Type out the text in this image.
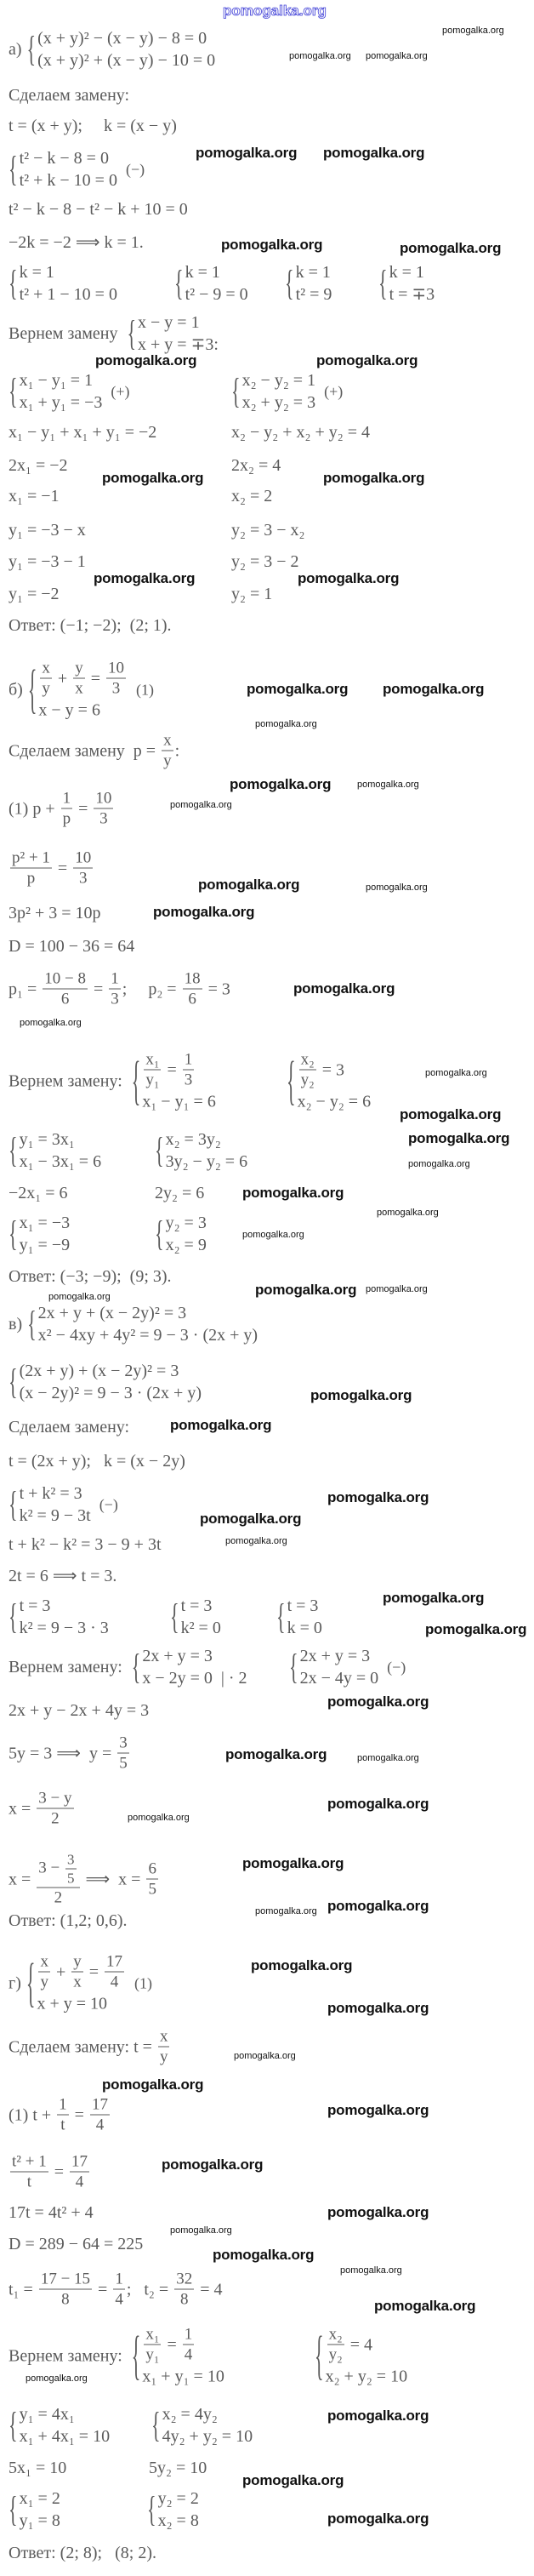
pomogalka.org
а) { (x + y)² − (x − y) − 8 = 0
(x + y)² + (x − y) − 10 = 0
Сделаем замену:
t = (x + y);     k = (x − y)
{ t² − k − 8 = 0
t² + k − 10 = 0
(−)
t² − k − 8 − t² − k + 10 = 0
−2k = −2 ⟹ k = 1.
{ k = 1
t² + 1 − 10 = 0	{ k = 1
t² − 9 = 0 { k = 1
t² = 9 { k = 1
t = ∓3
Вернем замену { x − y = 1
x + y = ∓3:
{ x₁ − y₁ = 1
x₁ + y₁ = −3
(+)	{ x₂ − y₂ = 1
x₂ + y₂ = 3
(+)
x₁ − y₁ + x₁ + y₁ = −2	x₂ − y₂ + x₂ + y₂ = 4
2x₁ = −2	2x₂ = 4
x₁ = −1	x₂ = 2
y₁ = −3 − x	y₂ = 3 − x₂
y₁ = −3 − 1	y₂ = 3 − 2
y₁ = −2	y₂ = 1
Ответ: (−1; −2);  (2; 1).
б) { $\frac{x}{y} + \frac{y}{x} = \frac{10}{3}$
x − y = 6
(1)
Сделаем замену  $p = \frac{x}{y}$ :
(1) $p + \frac{1}{p} = \frac{10}{3}$
$\frac{\text{p² + 1}}{p} = \frac{10}{3}$
3p² + 3 = 10p
D = 100 − 36 = 64
$p_1 = \frac{10 - 8}{6} = \frac{1}{3}$ ;     $p_2 = \frac{18}{6} = 3$
Вернем замену: { $\frac{\text{x₁}}{\text{y₁}} = \frac{1}{3}$
x₁ − y₁ = 6	{ $\frac{\text{x₂}}{\text{y₂}} = 3$
x₂ − y₂ = 6
{ y₁ = 3x₁
x₁ − 3x₁ = 6	{ x₂ = 3y₂
3y₂ − y₂ = 6
−2x₁ = 6	2y₂ = 6
{ x₁ = −3
y₁ = −9	{ y₂ = 3
x₂ = 9
Ответ: (−3; −9);  (9; 3).
в) { 2x + y + (x − 2y)² = 3
x² − 4xy + 4y² = 9 − 3 · (2x + y)
{ (2x + y) + (x − 2y)² = 3
(x − 2y)² = 9 − 3 · (2x + y)
Сделаем замену:
t = (2x + y);   k = (x − 2y)
{ t + k² = 3
k² = 9 − 3t
(−)
t + k² − k² = 3 − 9 + 3t
2t = 6 ⟹ t = 3.
{ t = 3
k² = 9 − 3 · 3	{ t = 3
k² = 0	{ t = 3
k = 0
Вернем замену: { 2x + y = 3
x − 2y = 0  | · 2 { 2x + y = 3
2x − 4y = 0
(−)
2x + y − 2x + 4y = 3
5y = 3 ⟹  $y = \frac{3}{5}$
$x = \frac{3 - y}{2}$
$x = \frac{3 - \frac{3}{5}}{2}$ ⟹  $x = \frac{6}{5}$
Ответ: (1,2; 0,6).
г) { $\frac{x}{y} + \frac{y}{x} = \frac{17}{4}$
x + y = 10
(1)
Сделаем замену: $t = \frac{x}{y}$
(1) $t + \frac{1}{t} = \frac{17}{4}$
$\frac{\text{t² + 1}}{t} = \frac{17}{4}$
17t = 4t² + 4
D = 289 − 64 = 225
$t_1 = \frac{17 - 15}{8} = \frac{1}{4}$ ;   $t_2 = \frac{32}{8} = 4$
Вернем замену: { $\frac{\text{x₁}}{\text{y₁}} = \frac{1}{4}$
x₁ + y₁ = 10	{ $\frac{\text{x₂}}{\text{y₂}} = 4$
x₂ + y₂ = 10
{ y₁ = 4x₁
x₁ + 4x₁ = 10 { x₂ = 4y₂
4y₂ + y₂ = 10
5x₁ = 10	5y₂ = 10
{ x₁ = 2
y₁ = 8	{ y₂ = 2
x₂ = 8
Ответ: (2; 8);   (8; 2).
pomogalka.org
pomogalka.org pomogalka.org
pomogalka.org pomogalka.org
pomogalka.org	pomogalka.org
pomogalka.org	pomogalka.org
pomogalka.org	pomogalka.org
pomogalka.org	pomogalka.org
pomogalka.org pomogalka.org
pomogalka.org
pomogalka.org	pomogalka.org
pomogalka.org
pomogalka.org	pomogalka.org
pomogalka.org
pomogalka.org
pomogalka.org
pomogalka.org
pomogalka.org
pomogalka.org
pomogalka.org
pomogalka.org
pomogalka.org
pomogalka.org
pomogalka.org	pomogalka.org pomogalka.org
pomogalka.org
pomogalka.org
pomogalka.org
pomogalka.org
pomogalka.org
pomogalka.org
pomogalka.org
pomogalka.org
pomogalka.org
pomogalka.org
pomogalka.org
pomogalka.org
pomogalka.org
pomogalka.org pomogalka.org
pomogalka.org
pomogalka.org
pomogalka.org
pomogalka.org
pomogalka.org
pomogalka.org
pomogalka.org
pomogalka.org
pomogalka.org
pomogalka.org
pomogalka.org
pomogalka.org
pomogalka.org
pomogalka.org
pomogalka.org
